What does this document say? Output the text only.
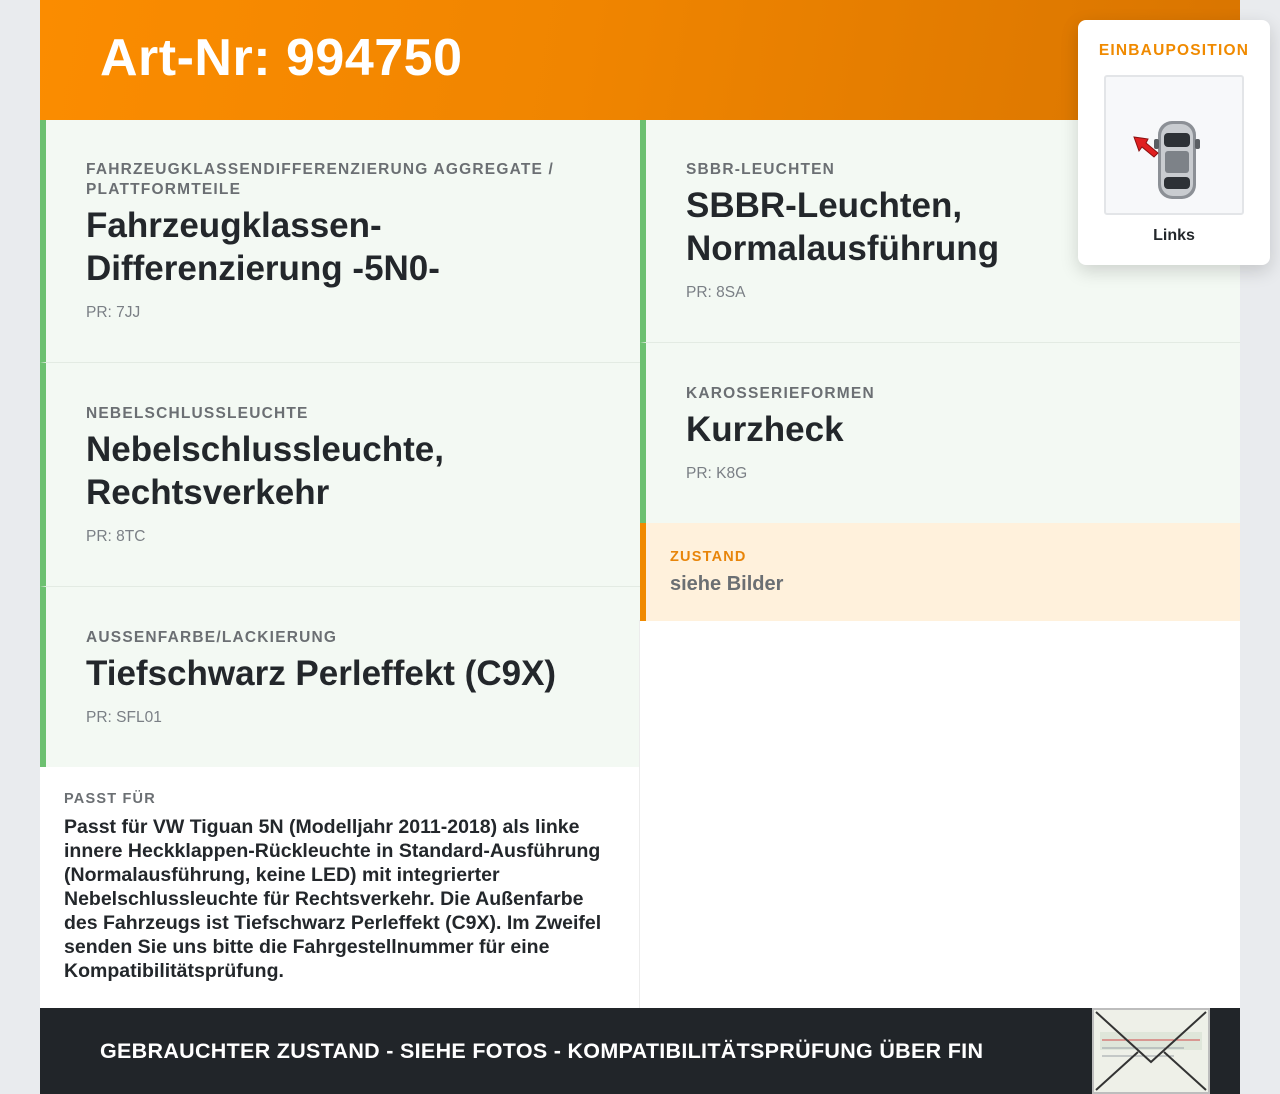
Art-Nr: 994750
FAHRZEUGKLASSENDIFFERENZIERUNG AGGREGATE / PLATTFORMTEILE
Fahrzeugklassen-Differenzierung -5N0-
PR: 7JJ
NEBELSCHLUSSLEUCHTE
Nebelschlussleuchte, Rechtsverkehr
PR: 8TC
AUSSENFARBE/LACKIERUNG
Tiefschwarz Perleffekt (C9X)
PR: SFL01
SBBR-LEUCHTEN
SBBR-Leuchten, Normalausführung
PR: 8SA
KAROSSERIEFORMEN
Kurzheck
PR: K8G
ZUSTAND
siehe Bilder
PASST FÜR
Passt für VW Tiguan 5N (Modelljahr 2011-2018) als linke innere Heckklappen-Rückleuchte in Standard-Ausführung (Normalausführung, keine LED) mit integrierter Nebelschlussleuchte für Rechtsverkehr. Die Außenfarbe des Fahrzeugs ist Tiefschwarz Perleffekt (C9X). Im Zweifel senden Sie uns bitte die Fahrgestellnummer für eine Kompatibilitätsprüfung.
GEBRAUCHTER ZUSTAND - SIEHE FOTOS - KOMPATIBILITÄTSPRÜFUNG ÜBER FIN
EINBAUPOSITION
Links
